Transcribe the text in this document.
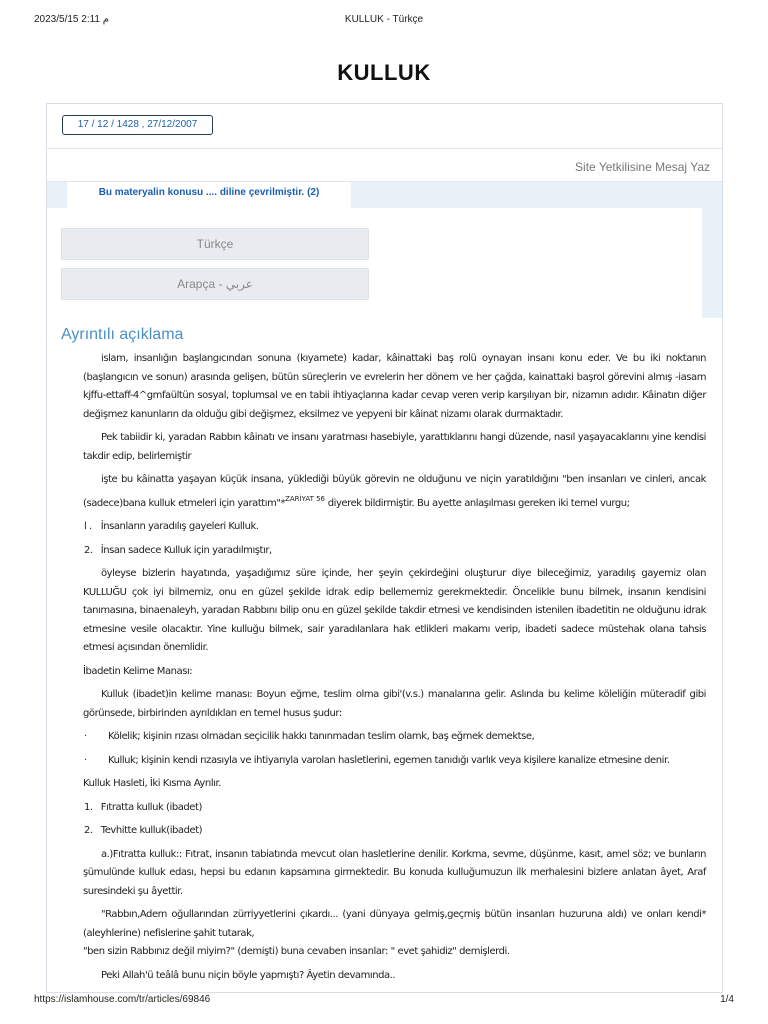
2023/5/15 2:11 م	KULLUK - Türkçe
KULLUK
17 / 12 / 1428 , 27/12/2007
Site Yetkilisine Mesaj Yaz
Bu materyalin konusu .... diline çevrilmiştir. (2)
Türkçe
Arapça - عربي
Ayrıntılı açıklama

islam, insanlığın başlangıcından sonuna (kıyamete) kadar, kâinattaki baş rolü oynayan insanı konu eder. Ve bu iki noktanın (başlangıcın ve sonun) arasında gelişen, bütün süreçlerin ve evrelerin her dönem ve her çağda, kainattaki başrol görevini almış -iasam kjffu-ettaff-4^gmfaültün sosyal, toplumsal ve en tabii ihtiyaçlarına kadar cevap veren verip karşılıyan bir, nizamın adıdır. Kâinatın diğer değişmez kanunların da olduğu gibi değişmez, eksilmez ve yepyeni bir kâinat nizamı olarak durmaktadır.

Pek tabiidir ki, yaradan Rabbın kâinatı ve insanı yaratması hasebiyle, yarattıklarını hangi düzende, nasıl yaşayacaklarını yine kendisi takdir edip, belirlemiştir

işte bu kâinatta yaşayan küçük insana, yüklediği büyük görevin ne olduğunu ve niçin yaratıldığını "ben insanları ve cinleri, ancak (sadece)bana kulluk etmeleri için yarattım"*$^{ZARİYAT 56}$ diyerek bildirmiştir. Bu ayette anlaşılması gereken iki temel vurgu;

l . İnsanların yaradılış gayeleri Kulluk.
2. İnsan sadece Kulluk için yaradılmıştır,

öyleyse bizlerin hayatında, yaşadığımız süre içinde, her şeyin çekirdeğini oluşturur diye bileceğimiz, yaradılış gayemiz olan KULLUĞU çok iyi bilmemiz, onu en güzel şekilde idrak edip bellememiz gerekmektedir. Öncelikle bunu bilmek, insanın kendisini tanımasına, binaenaleyh, yaradan Rabbını bilip onu en güzel şekilde takdir etmesi ve kendisinden istenilen ibadetitin ne olduğunu idrak etmesine vesile olacaktır. Yine kulluğu bilmek, sair yaradılanlara hak etlikleri makamı verip, ibadeti sadece müstehak olana tahsis etmesi açısından önemlidir.

İbadetin Kelime Manası:

Kulluk (ibadet)in kelime manası: Boyun eğme, teslim olma gibi'(v.s.) manalarına gelir. Aslında bu kelime köleliğin müteradif gibi görünsede, birbirinden ayrıldıkları en temel husus şudur:

· Kölelik; kişinin rızası olmadan seçicilik hakkı tanınmadan teslim olamk, baş eğmek demektse,
· Kulluk; kişinin kendi rızasıyla ve ihtiyarıyla varolan hasletlerini, egemen tanıdığı varlık veya kişilere kanalize etmesine denir.

Kulluk Hasleti, İki Kısma Ayrılır.

1. Fıtratta kulluk (ibadet)
2. Tevhitte kulluk(ibadet)

a.)Fıtratta kulluk:: Fıtrat, insanın tabiatında mevcut olan hasletlerine denilir. Korkma, sevme, düşünme, kasıt, amel söz; ve bunların şümulünde kulluk edası, hepsi bu edanın kapsamına girmektedir. Bu konuda kulluğumuzun ilk merhalesini bizlere anlatan âyet, Araf suresindeki şu âyettir.

"Rabbın,Adem oğullarından zürriyyetlerini çıkardı... (yani dünyaya gelmiş,geçmiş bütün insanları huzuruna aldı) ve onları kendi* (aleyhlerine) nefislerine şahit tutarak,
"ben sizin Rabbınız değil miyim?" (demişti) buna cevaben insanlar: " evet şahidiz" demişlerdi.

Peki Allah'ü teâlâ bunu niçin böyle yapmıştı? Âyetin devamında..

https://islamhouse.com/tr/articles/69846	1/4
